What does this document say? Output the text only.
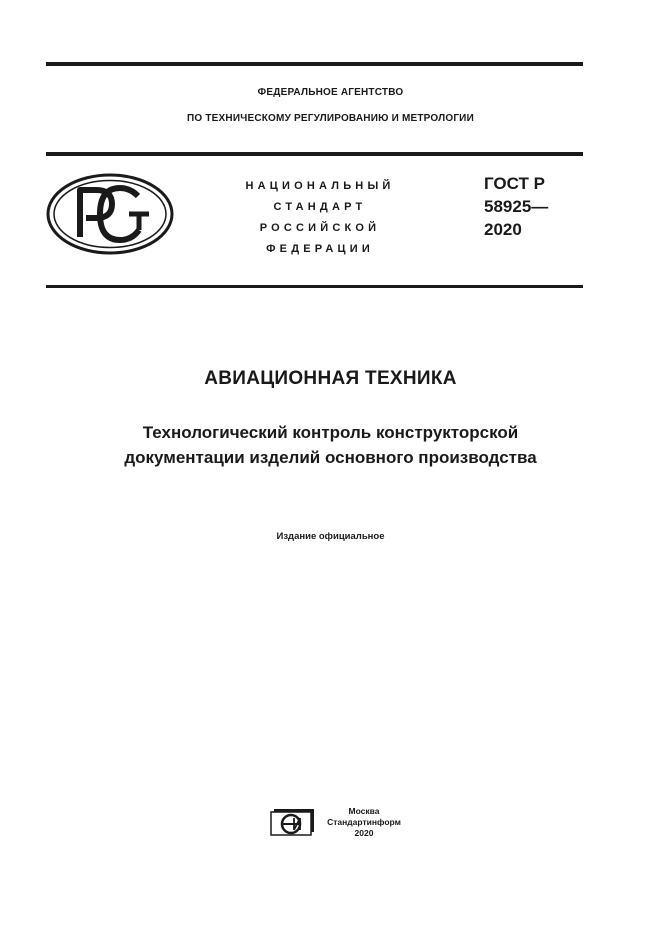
ФЕДЕРАЛЬНОЕ АГЕНТСТВО
ПО ТЕХНИЧЕСКОМУ РЕГУЛИРОВАНИЮ И МЕТРОЛОГИИ
НАЦИОНАЛЬНЫЙ
СТАНДАРТ
РОССИЙСКОЙ
ФЕДЕРАЦИИ
ГОСТ Р
58925—
2020
АВИАЦИОННАЯ ТЕХНИКА
Технологический контроль конструкторской
документации изделий основного производства
Издание официальное
Москва
Стандартинформ
2020
